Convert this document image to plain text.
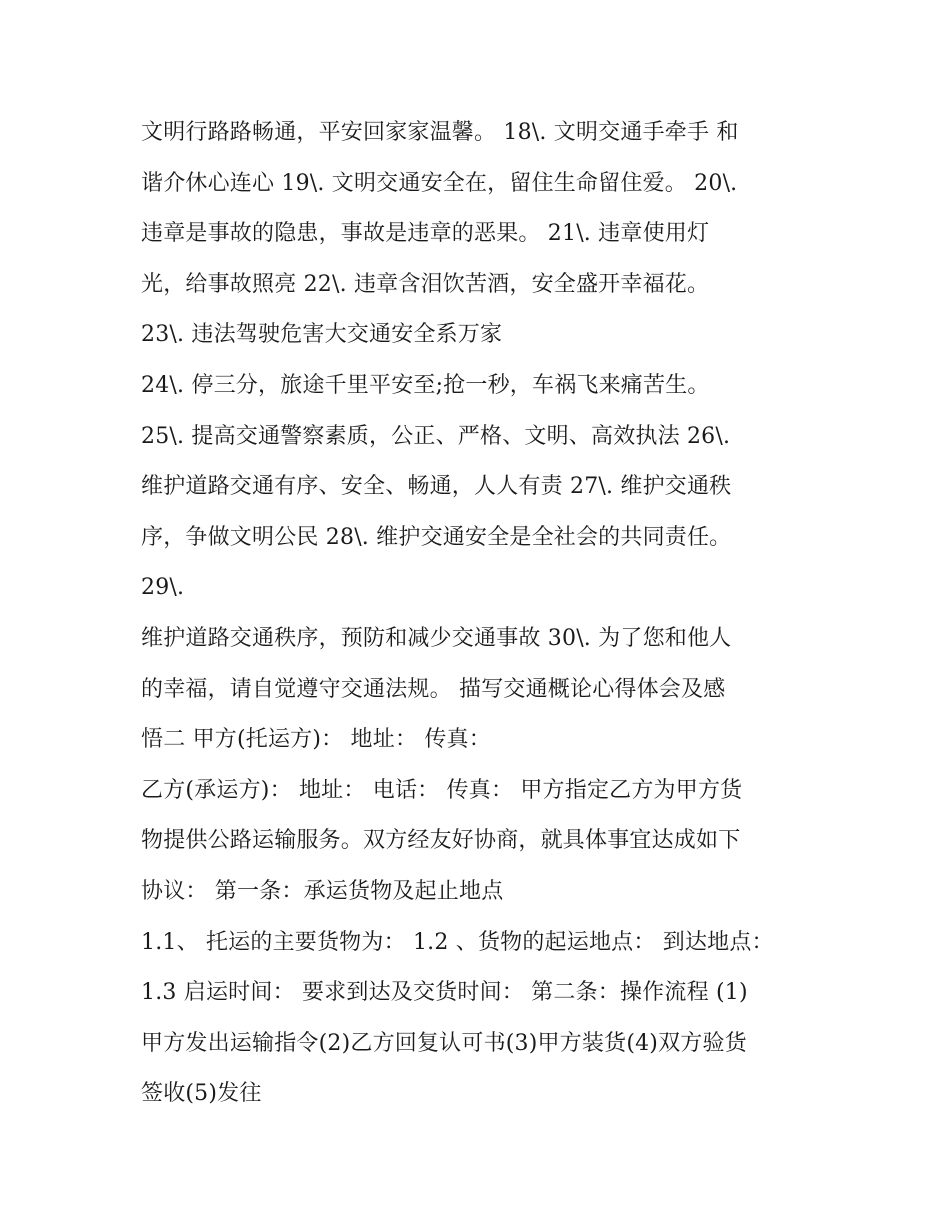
文明行路路畅通，平安回家家温馨。 18\. 文明交通手牵手 和
谐介休心连心 19\. 文明交通安全在，留住生命留住爱。 20\.
违章是事故的隐患，事故是违章的恶果。 21\. 违章使用灯
光，给事故照亮 22\. 违章含泪饮苦酒，安全盛开幸福花。
23\. 违法驾驶危害大交通安全系万家
24\. 停三分，旅途千里平安至;抢一秒，车祸飞来痛苦生。
25\. 提高交通警察素质，公正、严格、文明、高效执法 26\.
维护道路交通有序、安全、畅通，人人有责 27\. 维护交通秩
序，争做文明公民 28\. 维护交通安全是全社会的共同责任。
29\.
维护道路交通秩序，预防和减少交通事故 30\. 为了您和他人
的幸福，请自觉遵守交通法规。 描写交通概论心得体会及感
悟二 甲方(托运方)： 地址： 传真：
乙方(承运方)： 地址： 电话： 传真： 甲方指定乙方为甲方货
物提供公路运输服务。双方经友好协商，就具体事宜达成如下
协议： 第一条：承运货物及起止地点
1.1、 托运的主要货物为： 1.2 、货物的起运地点： 到达地点：
1.3 启运时间： 要求到达及交货时间： 第二条：操作流程 (1)
甲方发出运输指令(2)乙方回复认可书(3)甲方装货(4)双方验货
签收(5)发往
